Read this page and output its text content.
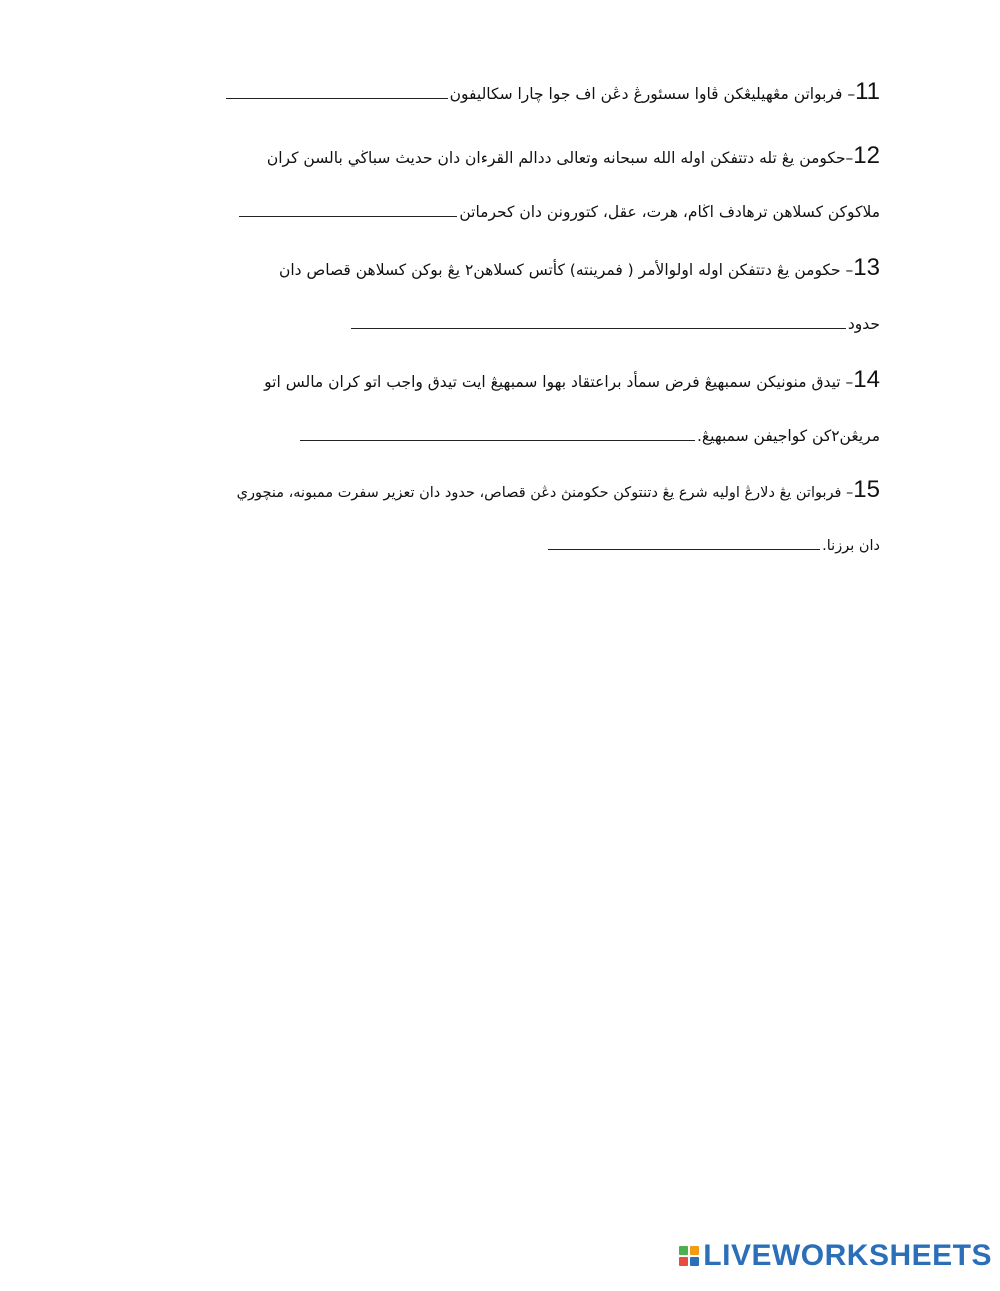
11– فربواتن مڠهيليڠكن ڤاوا سسئورڠ دڠن اف جوا چارا سکاليفون
12–حکومن يڠ تله دتتفکن اوله الله سبحانه وتعالى ددالم القرءان دان حديث سباڬي بالسن كران
ملاکوکن کسلاهن ترهادف اڬام، هرت، عقل، کتورونن دان کحرماتن
13– حکومن يڠ دتتفکن اوله اولوالأمر ( فمرينته) کأتس کسلاهن٢ يڠ بوکن کسلاهن قصاص دان
حدود
14– تيدق منونيکن سمبهيڠ فرض سمأد براعتقاد بهوا سمبهيڠ ايت تيدق واجب اتو کران مالس اتو
مريڠن٢کن کواجيفن سمبهيڠ.
15– فربواتن يڠ دلارڠ اوليه شرع يڠ دتنتوکن حکومنڽ دڠن قصاص، حدود دان تعزير سفرت ممبونه، منچوري
دان برزنا.
LIVEWORKSHEETS
